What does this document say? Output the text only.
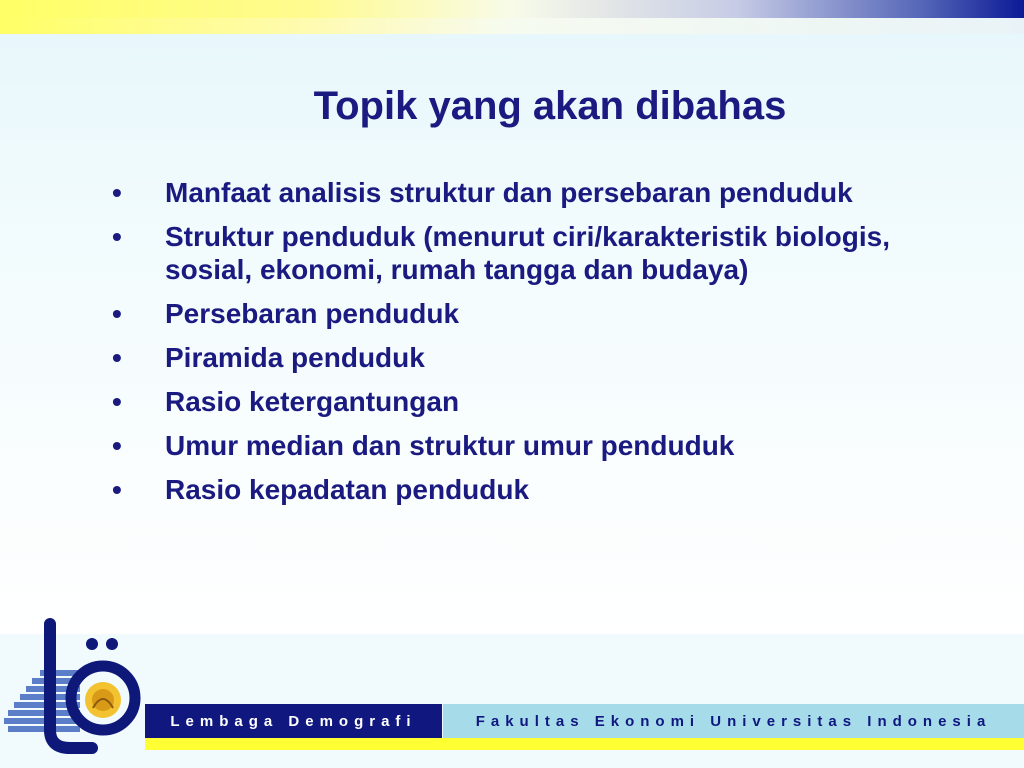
Topik yang akan dibahas
• Manfaat analisis struktur dan persebaran penduduk
• Struktur penduduk (menurut ciri/karakteristik biologis, sosial, ekonomi, rumah tangga dan budaya)
• Persebaran penduduk
• Piramida penduduk
• Rasio ketergantungan
• Umur median dan struktur umur penduduk
• Rasio kepadatan penduduk
Lembaga Demografi	Fakultas Ekonomi Universitas Indonesia
